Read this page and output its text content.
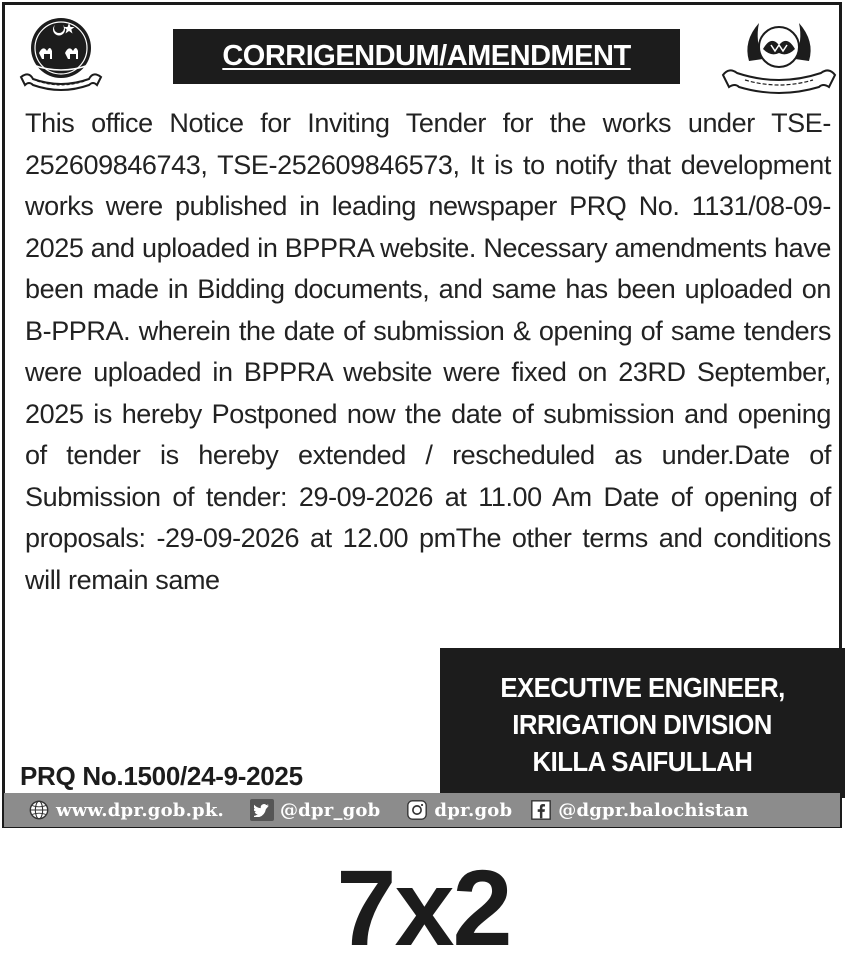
CORRIGENDUM/AMENDMENT
This office Notice for Inviting Tender for the works under TSE-252609846743, TSE-252609846573, It is to notify that development works were published in leading newspaper PRQ No. 1131/08-09-2025 and uploaded in BPPRA website. Necessary amendments have been made in Bidding documents, and same has been uploaded on B-PPRA. wherein the date of submission & opening of same tenders were uploaded in BPPRA website were fixed on 23RD September, 2025 is hereby Postponed now the date of submission and opening of tender is hereby extended / rescheduled as under.Date of Submission of tender: 29-09-2026 at 11.00 Am Date of opening of proposals: -29-09-2026 at 12.00 pmThe other terms and conditions will remain same
PRQ No.1500/24-9-2025
EXECUTIVE ENGINEER,
IRRIGATION DIVISION
KILLA SAIFULLAH
www.dpr.gob.pk.	@dpr_gob	dpr.gob	@dgpr.balochistan
7x2
